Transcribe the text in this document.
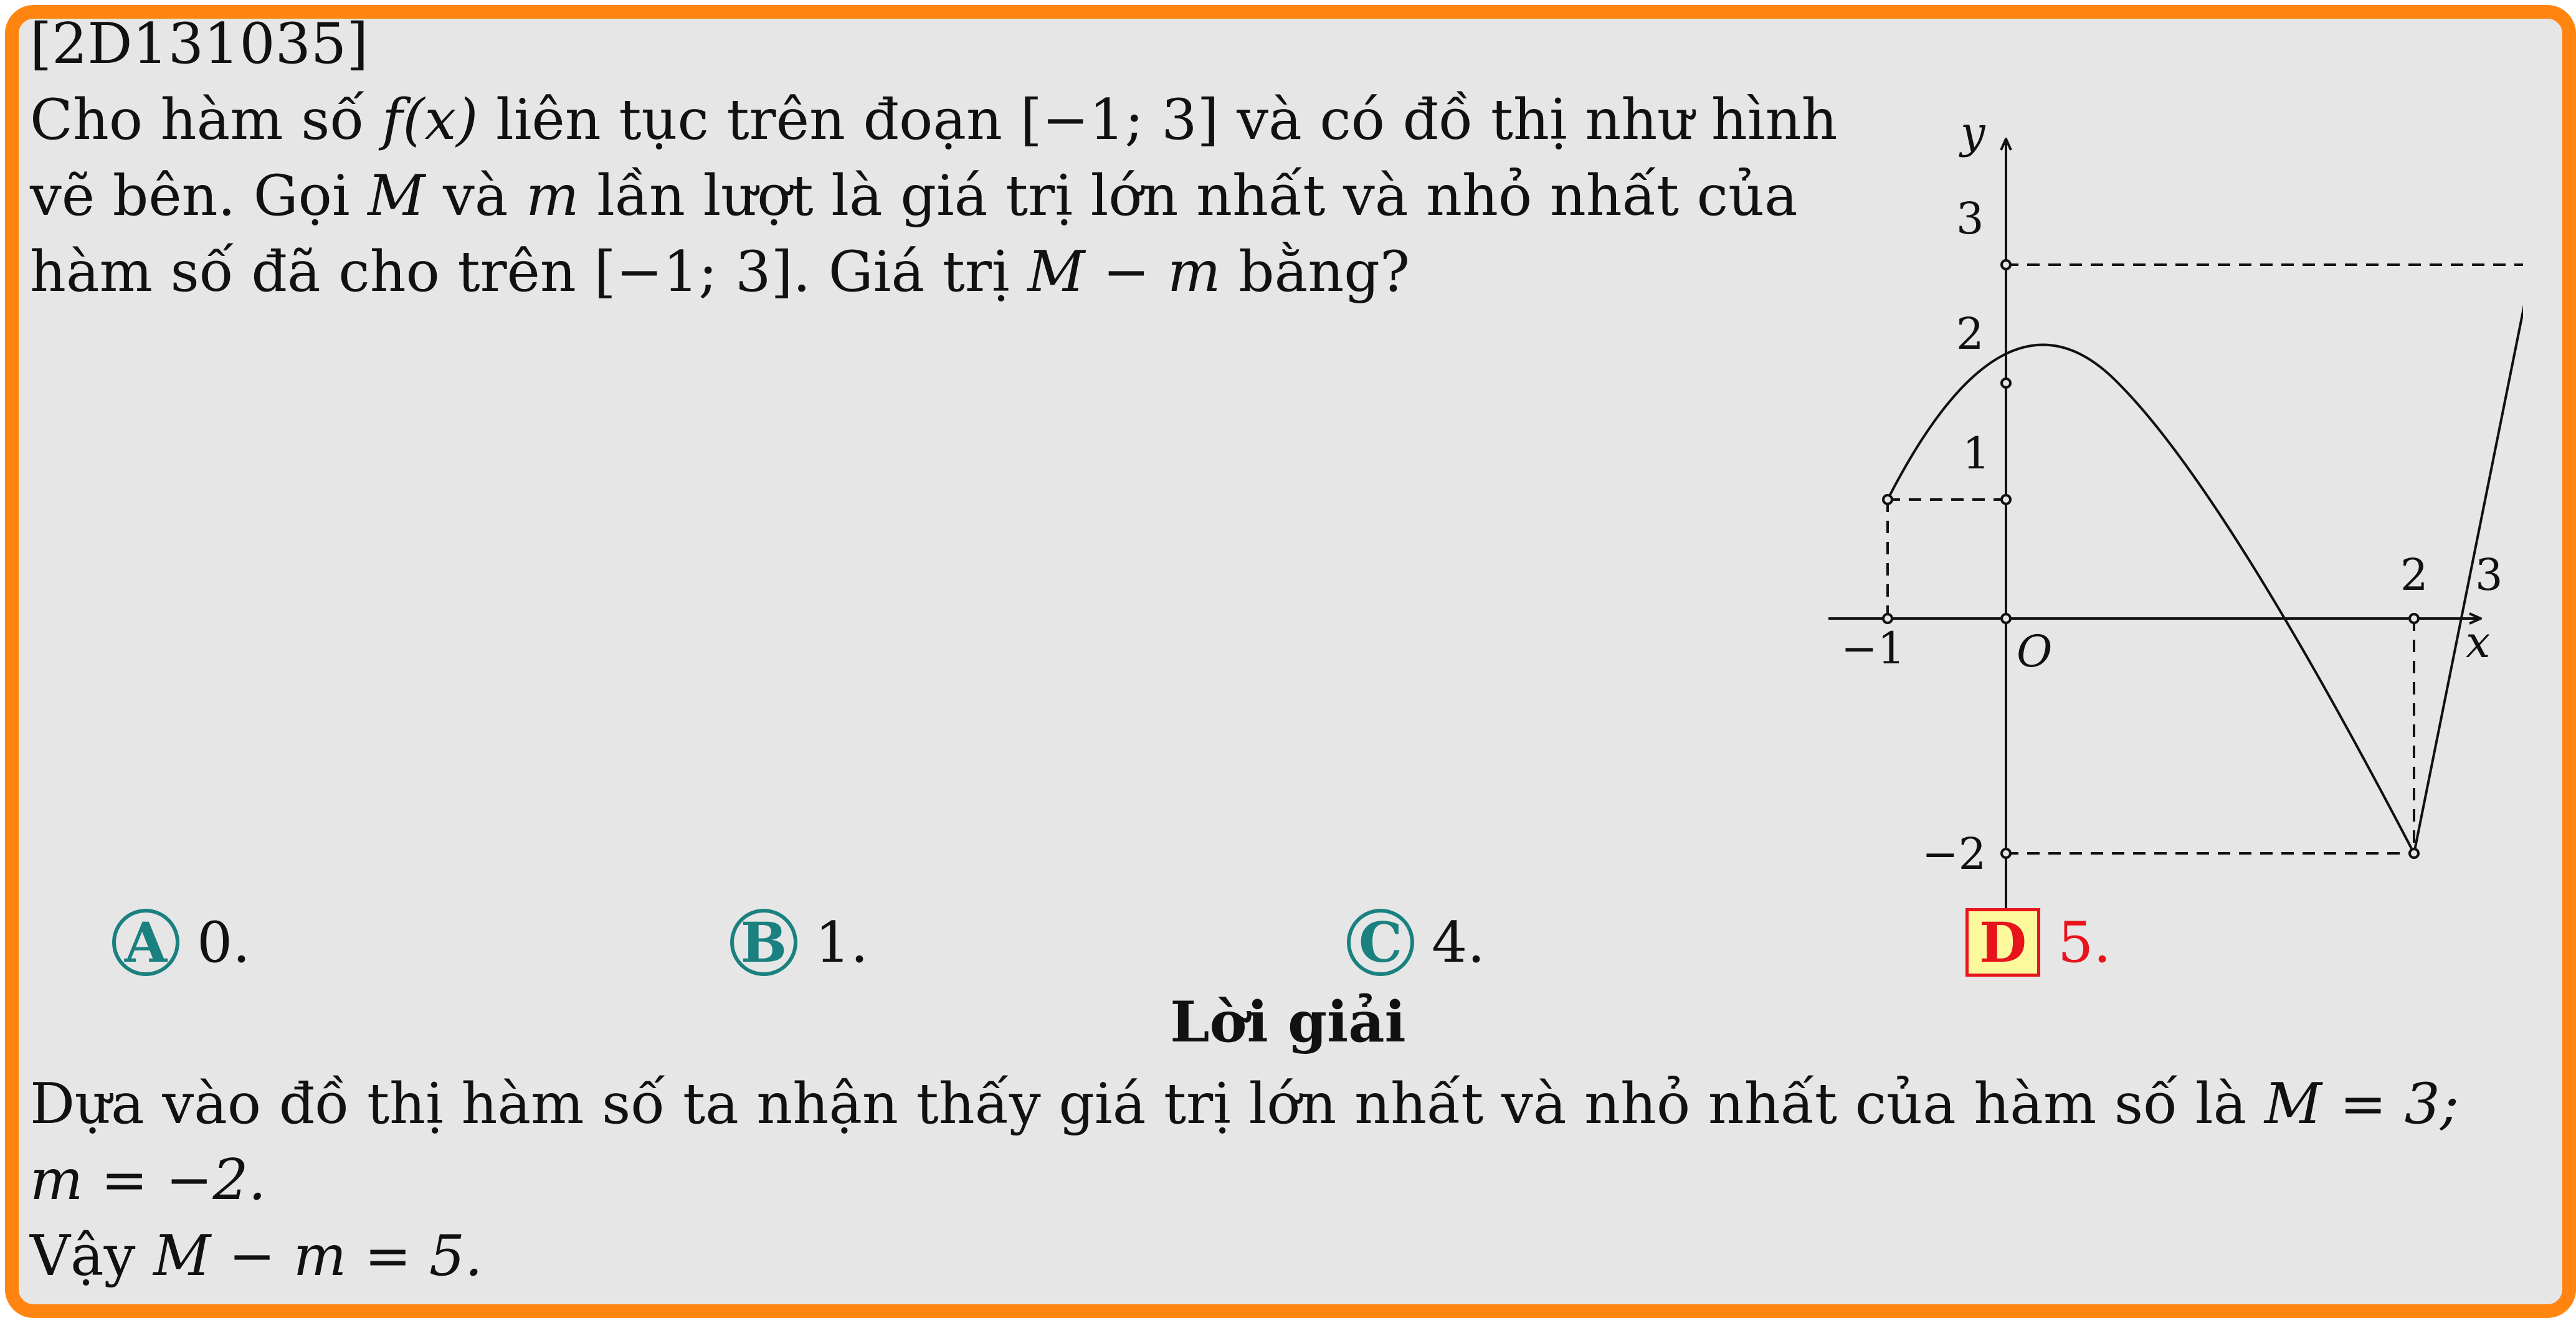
[2D131035]
Cho hàm số f(x) liên tục trên đoạn [−1; 3] và có đồ thị như hình
vẽ bên. Gọi M và m lần lượt là giá trị lớn nhất và nhỏ nhất của
hàm số đã cho trên [−1; 3]. Giá trị M − m bằng?
y
x
O
−1
2 3
3
2
1
−2
A 0.	B 1.	C 4.	D 5.
Lời giải
Dựa vào đồ thị hàm số ta nhận thấy giá trị lớn nhất và nhỏ nhất của hàm số là M = 3;
m = −2.
Vậy M − m = 5.
